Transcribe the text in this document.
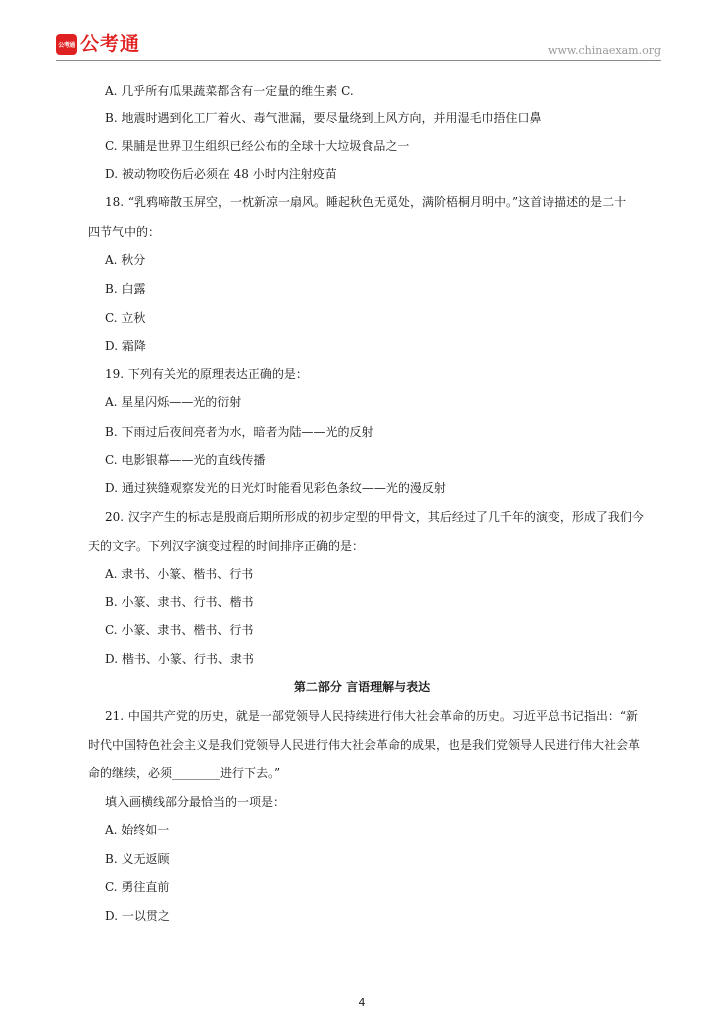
公考通 公考通	www.chinaexam.org
A. 几乎所有瓜果蔬菜都含有一定量的维生素 C.
B. 地震时遇到化工厂着火、毒气泄漏，要尽量绕到上风方向，并用湿毛巾捂住口鼻
C. 果脯是世界卫生组织已经公布的全球十大垃圾食品之一
D. 被动物咬伤后必须在 48 小时内注射疫苗
18. “乳鸦啼散玉屏空，一枕新凉一扇风。睡起秋色无觅处，满阶梧桐月明中。”这首诗描述的是二十
四节气中的：
A. 秋分
B. 白露
C. 立秋
D. 霜降
19. 下列有关光的原理表达正确的是：
A. 星星闪烁——光的衍射
B. 下雨过后夜间亮者为水，暗者为陆——光的反射
C. 电影银幕——光的直线传播
D. 通过狭缝观察发光的日光灯时能看见彩色条纹——光的漫反射
20. 汉字产生的标志是殷商后期所形成的初步定型的甲骨文，其后经过了几千年的演变，形成了我们今
天的文字。下列汉字演变过程的时间排序正确的是：
A. 隶书、小篆、楷书、行书
B. 小篆、隶书、行书、楷书
C. 小篆、隶书、楷书、行书
D. 楷书、小篆、行书、隶书
第二部分 言语理解与表达
21. 中国共产党的历史，就是一部党领导人民持续进行伟大社会革命的历史。习近平总书记指出：“新
时代中国特色社会主义是我们党领导人民进行伟大社会革命的成果，也是我们党领导人民进行伟大社会革
命的继续，必须________进行下去。”
填入画横线部分最恰当的一项是：
A. 始终如一
B. 义无返顾
C. 勇往直前
D. 一以贯之
4
